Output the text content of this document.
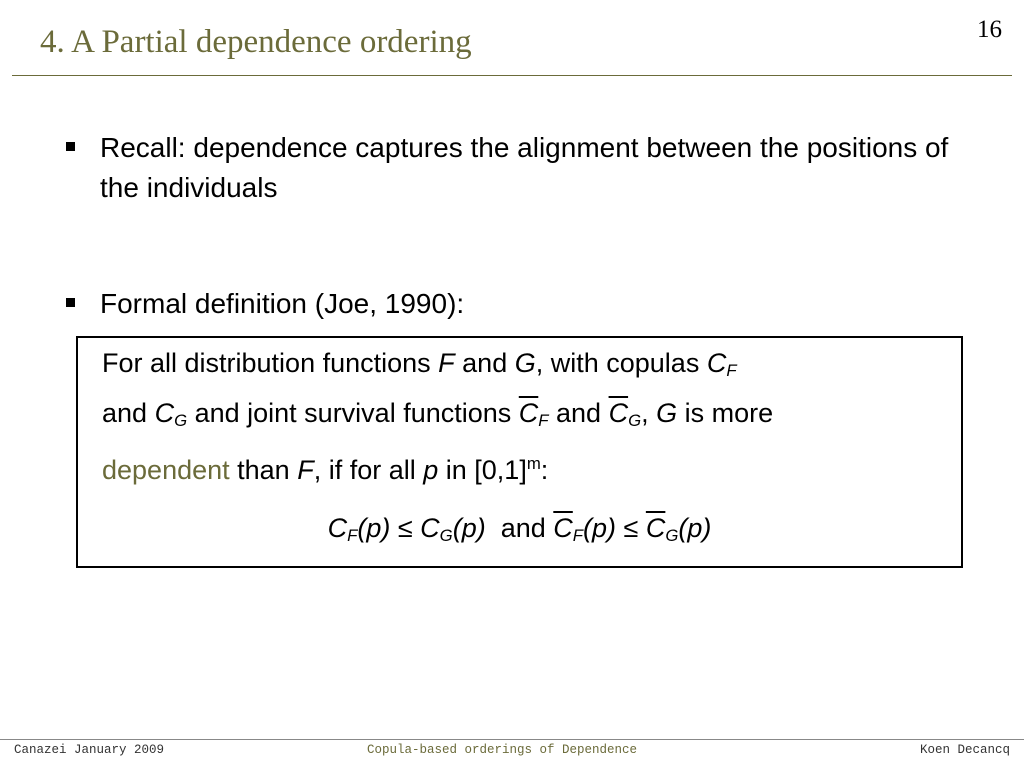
4. A Partial dependence ordering	16
Recall: dependence captures the alignment between the positions of the individuals
Formal definition (Joe, 1990):
For all distribution functions F and G, with copulas $C_F$
and $C_G$ and joint survival functions $\overline{C}_F$ and $\overline{C}_G$, G is more
dependent than F, if for all p in $[0,1]^m$:
$C_F(p) \le C_G(p)$ and $\overline{C}_F(p) \le \overline{C}_G(p)$
Canazei January 2009	Copula-based orderings of Dependence	Koen Decancq
